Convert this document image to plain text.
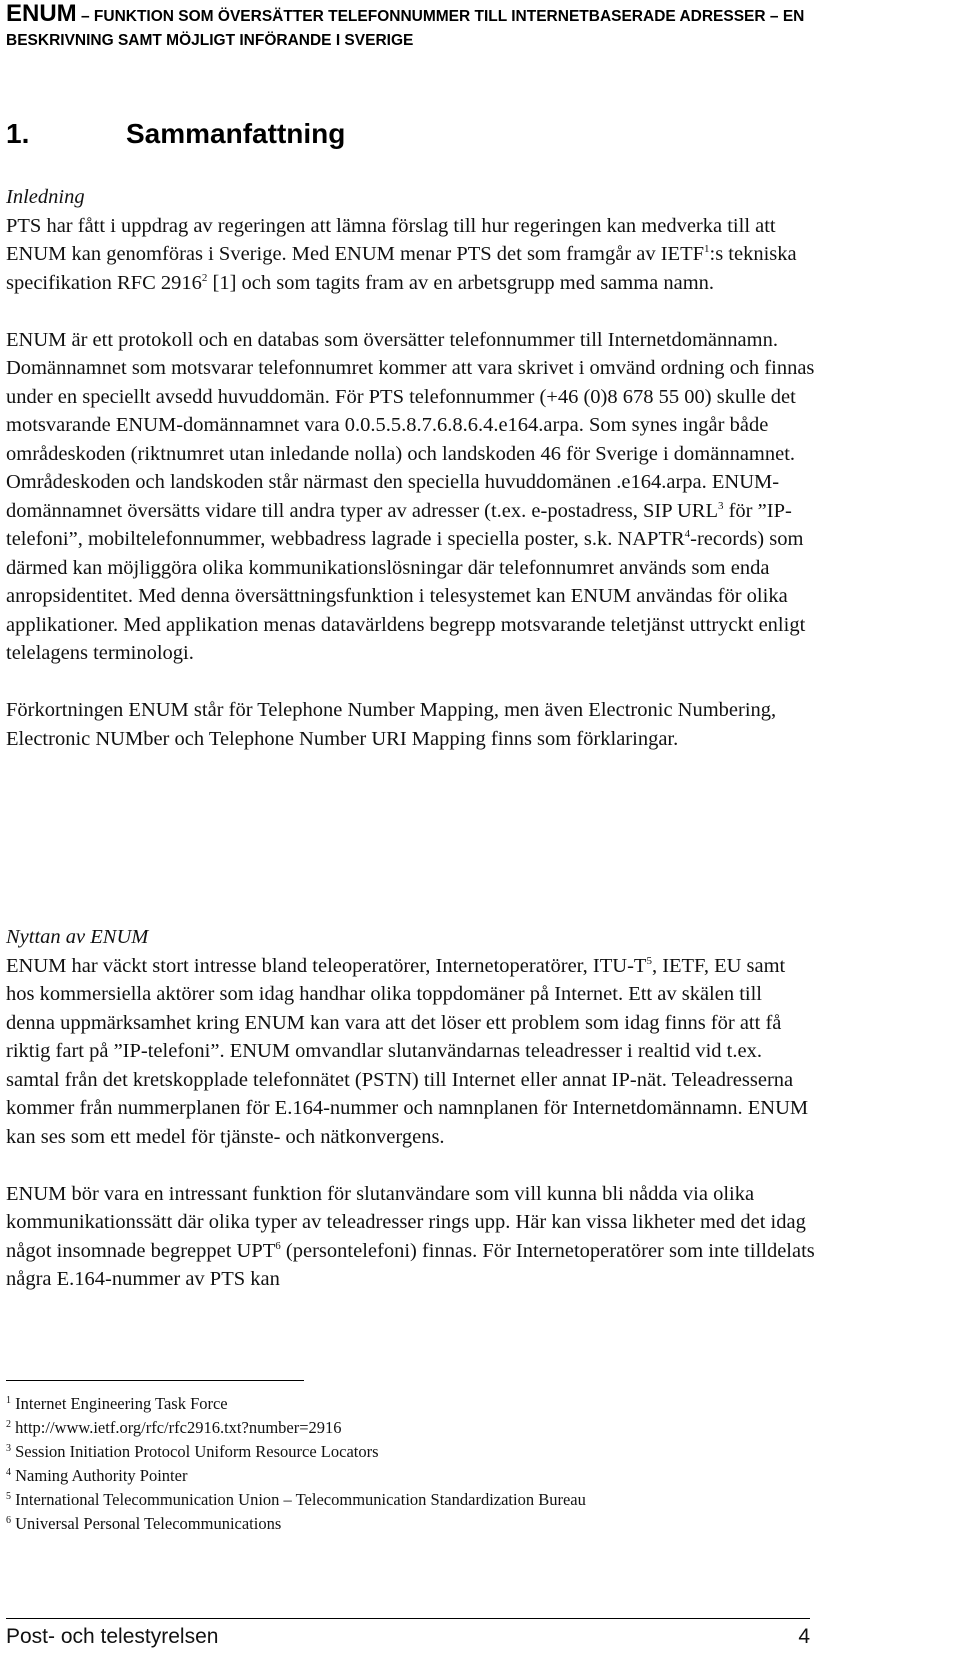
ENUM – FUNKTION SOM ÖVERSÄTTER TELEFONNUMMER TILL INTERNETBASERADE ADRESSER – EN
BESKRIVNING SAMT MÖJLIGT INFÖRANDE I SVERIGE
1.	Sammanfattning

Inledning

PTS har fått i uppdrag av regeringen att lämna förslag till hur regeringen kan medverka till att ENUM kan genomföras i Sverige. Med ENUM menar PTS det som framgår av IETF$^1$:s tekniska specifikation RFC 2916$^2$ [1] och som tagits fram av en arbetsgrupp med samma namn.

ENUM är ett protokoll och en databas som översätter telefonnummer till Internetdomännamn. Domännamnet som motsvarar telefonnumret kommer att vara skrivet i omvänd ordning och finnas under en speciellt avsedd huvuddomän. För PTS telefonnummer (+46 (0)8 678 55 00) skulle det motsvarande ENUM-domännamnet vara 0.0.5.5.8.7.6.8.6.4.e164.arpa. Som synes ingår både områdeskoden (riktnumret utan inledande nolla) och landskoden 46 för Sverige i domännamnet. Områdeskoden och landskoden står närmast den speciella huvuddomänen .e164.arpa. ENUM-domännamnet översätts vidare till andra typer av adresser (t.ex. e-postadress, SIP URL$^3$ för ”IP-telefoni”, mobiltelefonnummer, webbadress lagrade i speciella poster, s.k. NAPTR$^4$-records) som därmed kan möjliggöra olika kommunikationslösningar där telefonnumret används som enda anropsidentitet. Med denna översättningsfunktion i telesystemet kan ENUM användas för olika applikationer. Med applikation menas datavärldens begrepp motsvarande teletjänst uttryckt enligt telelagens terminologi.

Förkortningen ENUM står för Telephone Number Mapping, men även Electronic Numbering, Electronic NUMber och Telephone Number URI Mapping finns som förklaringar.

Nyttan av ENUM

ENUM har väckt stort intresse bland teleoperatörer, Internetoperatörer, ITU-$T^5$, IETF, EU samt hos kommersiella aktörer som idag handhar olika toppdomäner på Internet. Ett av skälen till denna uppmärksamhet kring ENUM kan vara att det löser ett problem som idag finns för att få riktig fart på ”IP-telefoni”. ENUM omvandlar slutanvändarnas teleadresser i realtid vid t.ex. samtal från det kretskopplade telefonnätet (PSTN) till Internet eller annat IP-nät. Teleadresserna kommer från nummerplanen för E.164-nummer och namnplanen för Internetdomännamn. ENUM kan ses som ett medel för tjänste- och nätkonvergens.

ENUM bör vara en intressant funktion för slutanvändare som vill kunna bli nådda via olika kommunikationssätt där olika typer av teleadresser rings upp. Här kan vissa likheter med det idag något insomnade begreppet UPT$^6$ (persontelefoni) finnas. För Internetoperatörer som inte tilldelats några E.164-nummer av PTS kan

$^1$ Internet Engineering Task Force
$^2$ http://www.ietf.org/rfc/rfc2916.txt?number=2916
$^3$ Session Initiation Protocol Uniform Resource Locators
$^4$ Naming Authority Pointer
$^5$ International Telecommunication Union – Telecommunication Standardization Bureau
$^6$ Universal Personal Telecommunications
Post- och telestyrelsen	4
